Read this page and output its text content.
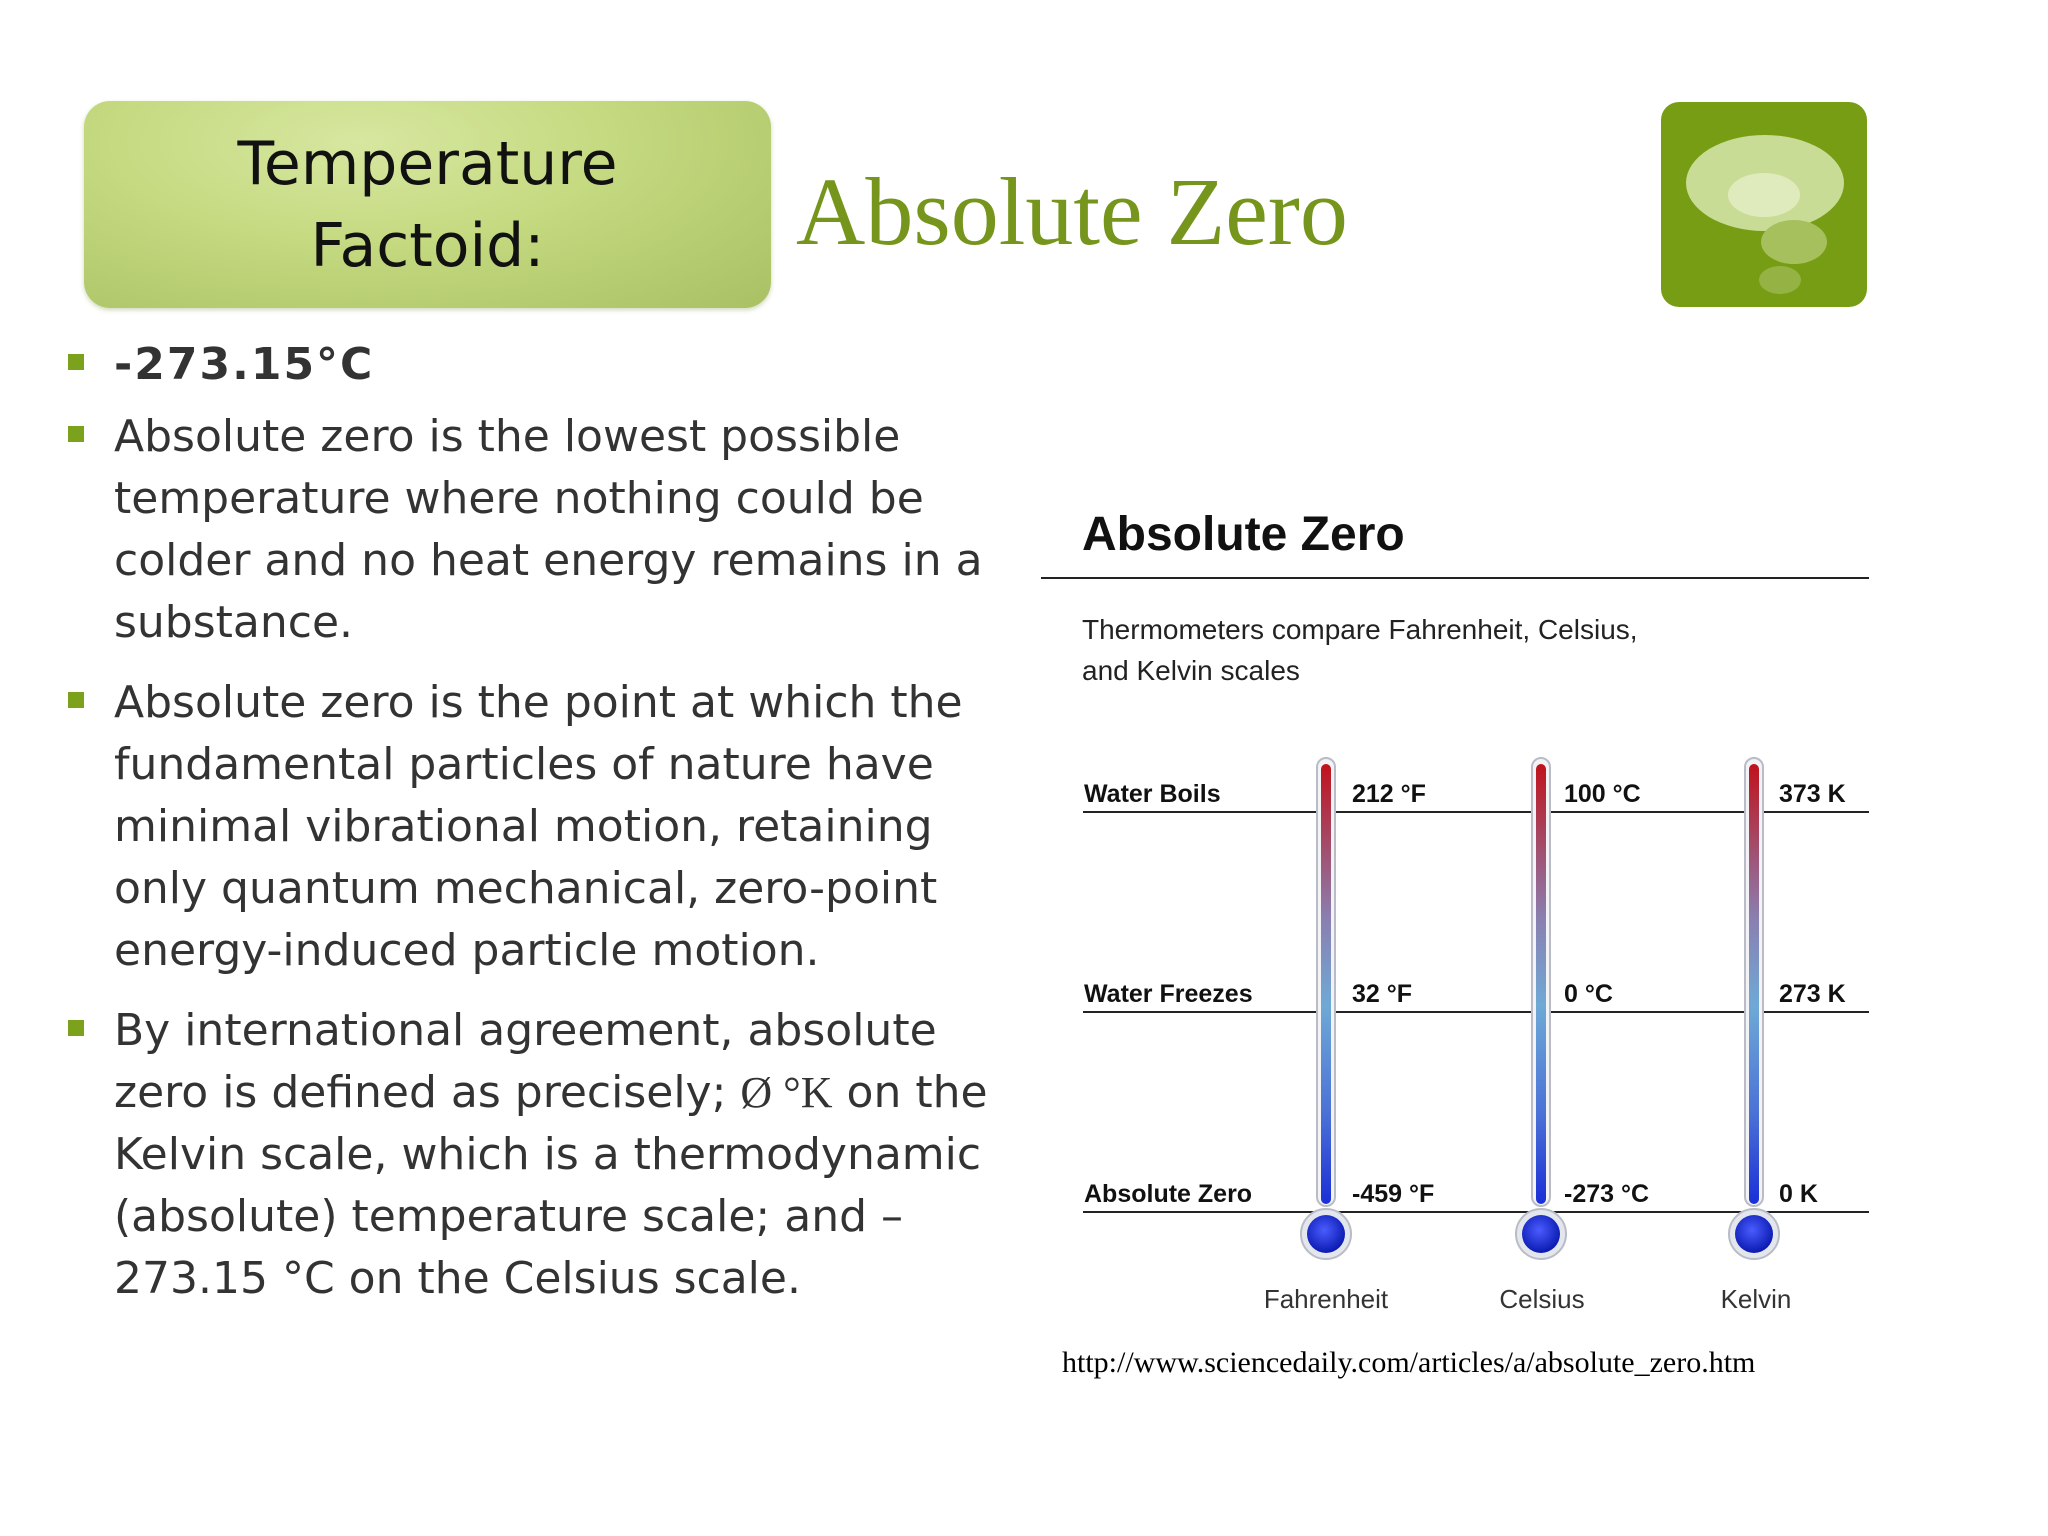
Temperature
Factoid:	Absolute Zero
-273.15°C
Absolute zero is the lowest possible temperature where nothing could be colder and no heat energy remains in a substance.
Absolute zero is the point at which the fundamental particles of nature have minimal vibrational motion, retaining only quantum mechanical, zero-point energy-induced particle motion.
By international agreement, absolute zero is defined as precisely; Ø °K on the Kelvin scale, which is a thermodynamic (absolute) temperature scale; and –273.15 °C on the Celsius scale.
Absolute Zero
Thermometers compare Fahrenheit, Celsius,
and Kelvin scales
Water Boils	212 °F	100 °C	373 K
Water Freezes	32 °F	0 °C	273 K
Absolute Zero	-459 °F	-273 °C	0 K
Fahrenheit	Celsius	Kelvin
http://www.sciencedaily.com/articles/a/absolute_zero.htm
